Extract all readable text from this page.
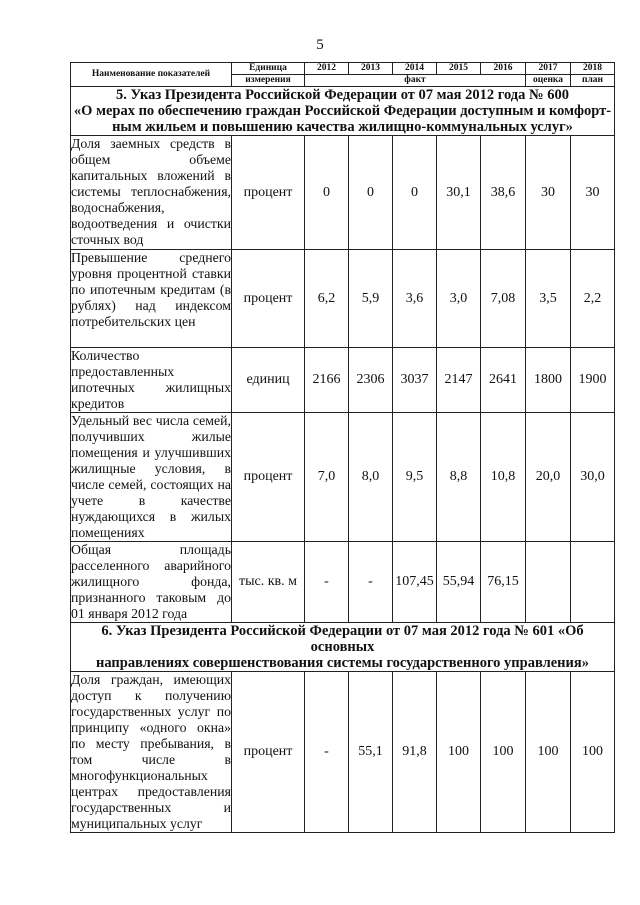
5
Наименование показателей	Единица	2012	2013	2014	2015	2016	2017	2018
	измерения	факт					оценка	план

5. Указ Президента Российской Федерации от 07 мая 2012 года № 600
«О мерах по обеспечению граждан Российской Федерации доступным и комфорт-
ным жильем и повышению качества жилищно-коммунальных услуг»								

Доля заемных средств в общем объеме капитальных вложений в системы теплоснабжения, водоснабжения, водоотведения и очистки сточных вод	процент	0	0	0	30,1	38,6	30	30
Превышение среднего уровня процентной ставки по ипотечным кредитам (в рублях) над индексом потребительских цен	процент	6,2	5,9	3,6	3,0	7,08	3,5	2,2
Количество предоставленных ипотечных жилищных кредитов	единиц	2166	2306	3037	2147	2641	1800	1900
Удельный вес числа семей, получивших жилые помещения и улучшивших жилищные условия, в числе семей, состоящих на учете в качестве нуждающихся в жилых помещениях	процент	7,0	8,0	9,5	8,8	10,8	20,0	30,0
Общая площадь расселенного аварийного жилищного фонда, признанного таковым до 01 января 2012 года	тыс. кв. м	-	-	107,45	55,94	76,15		

6. Указ Президента Российской Федерации от 07 мая 2012 года № 601 «Об основных
направлениях совершенствования системы государственного управления»								

Доля граждан, имеющих доступ к получению государственных услуг по принципу «одного окна» по месту пребывания, в том числе в многофункциональных центрах предоставления государственных и муниципальных услуг	процент	-	55,1	91,8	100	100	100	100
